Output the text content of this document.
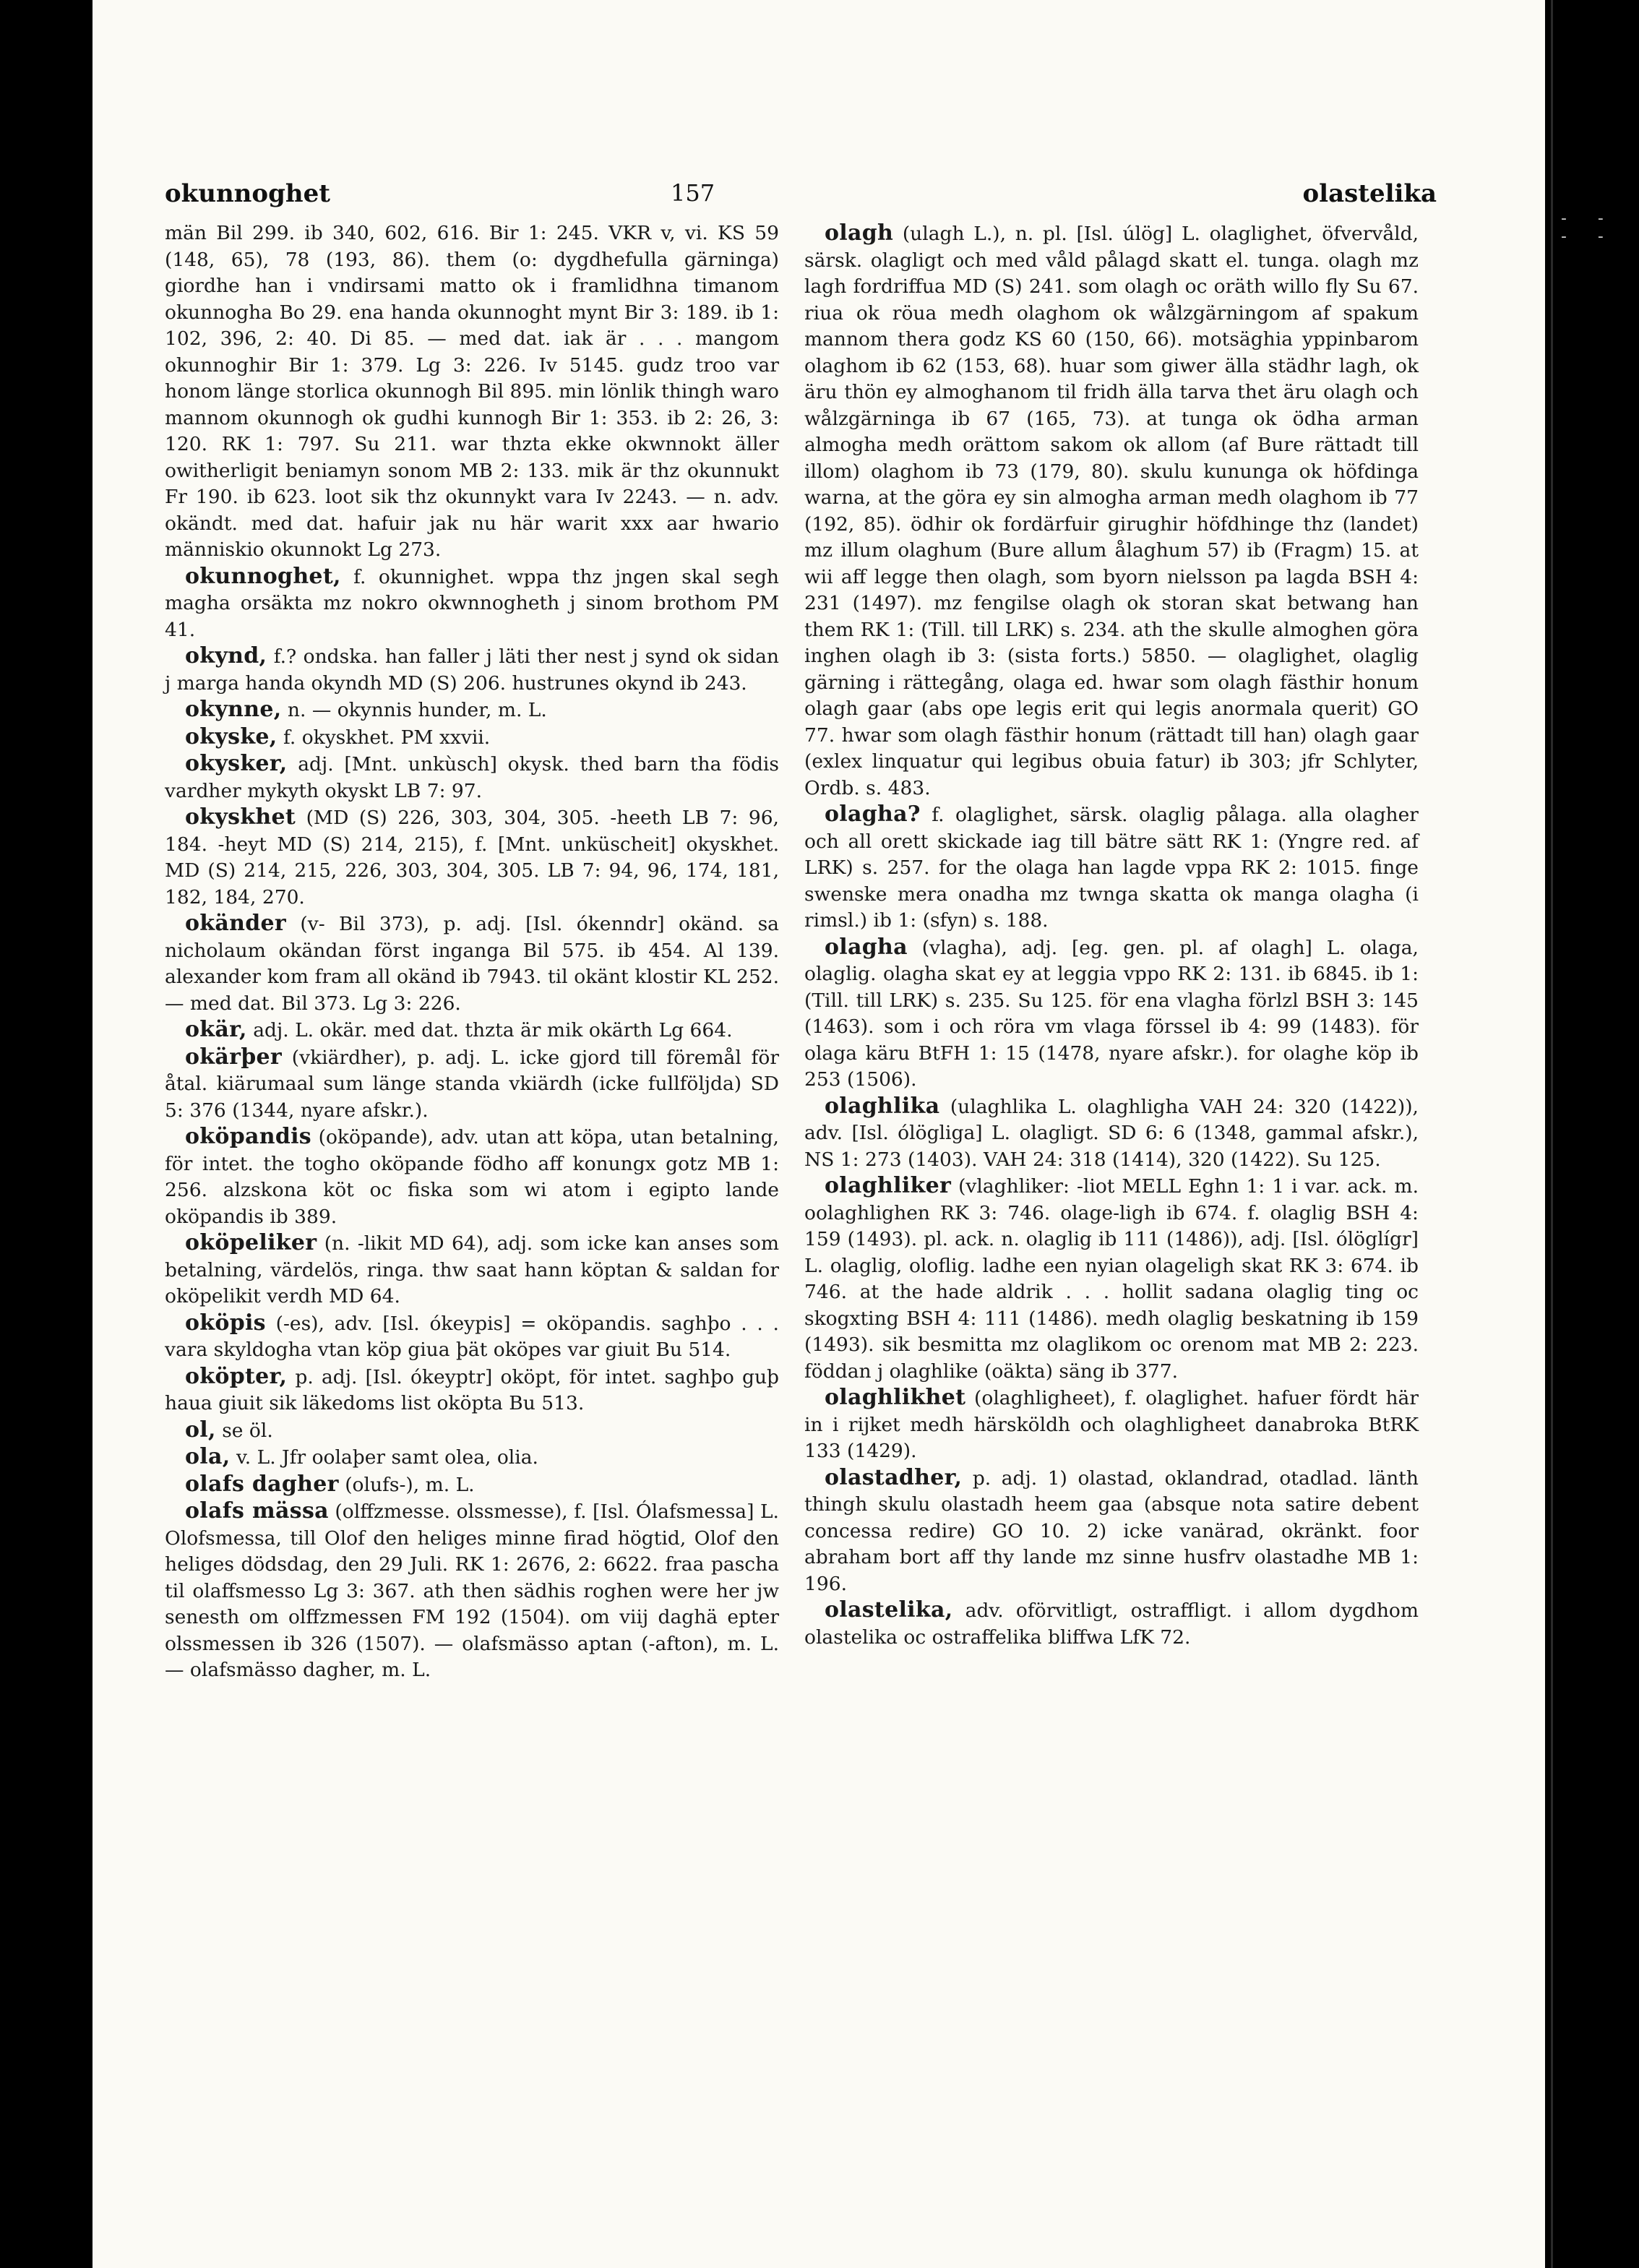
- - - -
okunnoghet	157	olastelika

män Bil 299. ib 340, 602, 616. Bir 1: 245. VKR v, vi. KS 59 (148, 65), 78 (193, 86). them (o: dygdhefulla gärninga) giordhe han i vndirsami matto ok i framlidhna timanom okunnogha Bo 29. ena handa okunnoght mynt Bir 3: 189. ib 1: 102, 396, 2: 40. Di 85. — med dat. iak är . . . mangom okunnoghir Bir 1: 379. Lg 3: 226. Iv 5145. gudz troo var honom länge storlica okunnogh Bil 895. min lönlik thingh waro mannom okunnogh ok gudhi kunnogh Bir 1: 353. ib 2: 26, 3: 120. RK 1: 797. Su 211. war thzta ekke okwnnokt äller owitherligit beniamyn sonom MB 2: 133. mik är thz okunnukt Fr 190. ib 623. loot sik thz okunnykt vara Iv 2243. — n. adv. okändt. med dat. hafuir jak nu här warit xxx aar hwario människio okunnokt Lg 273.

okunnoghet, f. okunnighet. wppa thz jngen skal segh magha orsäkta mz nokro okwnnogheth j sinom brothom PM 41.

okynd, f.? ondska. han faller j läti ther nest j synd ok sidan j marga handa okyndh MD (S) 206. hustrunes okynd ib 243.

okynne, n. — okynnis hunder, m. L.

okyske, f. okyskhet. PM xxvii.

okysker, adj. [Mnt. unkùsch] okysk. thed barn tha födis vardher mykyth okyskt LB 7: 97.

okyskhet (MD (S) 226, 303, 304, 305. -heeth LB 7: 96, 184. -heyt MD (S) 214, 215), f. [Mnt. unküscheit] okyskhet. MD (S) 214, 215, 226, 303, 304, 305. LB 7: 94, 96, 174, 181, 182, 184, 270.

okänder (v- Bil 373), p. adj. [Isl. ókenndr] okänd. sa nicholaum okändan först inganga Bil 575. ib 454. Al 139. alexander kom fram all okänd ib 7943. til okänt klostir KL 252. — med dat. Bil 373. Lg 3: 226.

okär, adj. L. okär. med dat. thzta är mik okärth Lg 664.

okärþer (vkiärdher), p. adj. L. icke gjord till föremål för åtal. kiärumaal sum länge standa vkiärdh (icke fullföljda) SD 5: 376 (1344, nyare afskr.).

oköpandis (oköpande), adv. utan att köpa, utan betalning, för intet. the togho oköpande födho aff konungx gotz MB 1: 256. alzskona köt oc fiska som wi atom i egipto lande oköpandis ib 389.

oköpeliker (n. -likit MD 64), adj. som icke kan anses som betalning, värdelös, ringa. thw saat hann köptan & saldan for oköpelikit verdh MD 64.

oköpis (-es), adv. [Isl. ókeypis] = oköpandis. saghþo . . . vara skyldogha vtan köp giua þät oköpes var giuit Bu 514.

oköpter, p. adj. [Isl. ókeyptr] oköpt, för intet. saghþo guþ haua giuit sik läkedoms list oköpta Bu 513.

ol, se öl.

ola, v. L. Jfr oolaþer samt olea, olia.

olafs dagher (olufs-), m. L.

olafs mässa (olffzmesse. olssmesse), f. [Isl. Ólafsmessa] L. Olofsmessa, till Olof den heliges minne firad högtid, Olof den heliges dödsdag, den 29 Juli. RK 1: 2676, 2: 6622. fraa pascha til olaffsmesso Lg 3: 367. ath then sädhis roghen were her jw senesth om olffzmessen FM 192 (1504). om viij daghä epter olssmessen ib 326 (1507). — olafsmässo aptan (-afton), m. L. — olafsmässo dagher, m. L.

olagh (ulagh L.), n. pl. [Isl. úlög] L. olaglighet, öfvervåld, särsk. olagligt och med våld pålagd skatt el. tunga. olagh mz lagh fordriffua MD (S) 241. som olagh oc oräth willo fly Su 67. riua ok röua medh olaghom ok wålzgärningom af spakum mannom thera godz KS 60 (150, 66). motsäghia yppinbarom olaghom ib 62 (153, 68). huar som giwer älla städhr lagh, ok äru thön ey almoghanom til fridh älla tarva thet äru olagh och wålzgärninga ib 67 (165, 73). at tunga ok ödha arman almogha medh orättom sakom ok allom (af Bure rättadt till illom) olaghom ib 73 (179, 80). skulu kununga ok höfdinga warna, at the göra ey sin almogha arman medh olaghom ib 77 (192, 85). ödhir ok fordärfuir girughir höfdhinge thz (landet) mz illum olaghum (Bure allum ålaghum 57) ib (Fragm) 15. at wii aff legge then olagh, som byorn nielsson pa lagda BSH 4: 231 (1497). mz fengilse olagh ok storan skat betwang han them RK 1: (Till. till LRK) s. 234. ath the skulle almoghen göra inghen olagh ib 3: (sista forts.) 5850. — olaglighet, olaglig gärning i rättegång, olaga ed. hwar som olagh fästhir honum olagh gaar (abs ope legis erit qui legis anormala querit) GO 77. hwar som olagh fästhir honum (rättadt till han) olagh gaar (exlex linquatur qui legibus obuia fatur) ib 303; jfr Schlyter, Ordb. s. 483.

olagha? f. olaglighet, särsk. olaglig pålaga. alla olagher och all orett skickade iag till bätre sätt RK 1: (Yngre red. af LRK) s. 257. for the olaga han lagde vppa RK 2: 1015. finge swenske mera onadha mz twnga skatta ok manga olagha (i rimsl.) ib 1: (sfyn) s. 188.

olagha (vlagha), adj. [eg. gen. pl. af olagh] L. olaga, olaglig. olagha skat ey at leggia vppo RK 2: 131. ib 6845. ib 1: (Till. till LRK) s. 235. Su 125. för ena vlagha förlzl BSH 3: 145 (1463). som i och röra vm vlaga förssel ib 4: 99 (1483). för olaga käru BtFH 1: 15 (1478, nyare afskr.). for olaghe köp ib 253 (1506).

olaghlika (ulaghlika L. olaghligha VAH 24: 320 (1422)), adv. [Isl. ólögliga] L. olagligt. SD 6: 6 (1348, gammal afskr.), NS 1: 273 (1403). VAH 24: 318 (1414), 320 (1422). Su 125.

olaghliker (vlaghliker: -liot MELL Eghn 1: 1 i var. ack. m. oolaghlighen RK 3: 746. olage-ligh ib 674. f. olaglig BSH 4: 159 (1493). pl. ack. n. olaglig ib 111 (1486)), adj. [Isl. ólöglígr] L. olaglig, oloflig. ladhe een nyian olageligh skat RK 3: 674. ib 746. at the hade aldrik . . . hollit sadana olaglig ting oc skogxting BSH 4: 111 (1486). medh olaglig beskatning ib 159 (1493). sik besmitta mz olaglikom oc orenom mat MB 2: 223. föddan j olaghlike (oäkta) säng ib 377.

olaghlikhet (olaghligheet), f. olaglighet. hafuer fördt här in i rijket medh härsköldh och olaghligheet danabroka BtRK 133 (1429).

olastadher, p. adj. 1) olastad, oklandrad, otadlad. länth thingh skulu olastadh heem gaa (absque nota satire debent concessa redire) GO 10. 2) icke vanärad, okränkt. foor abraham bort aff thy lande mz sinne husfrv olastadhe MB 1: 196.

olastelika, adv. oförvitligt, ostraffligt. i allom dygdhom olastelika oc ostraffelika bliffwa LfK 72.
